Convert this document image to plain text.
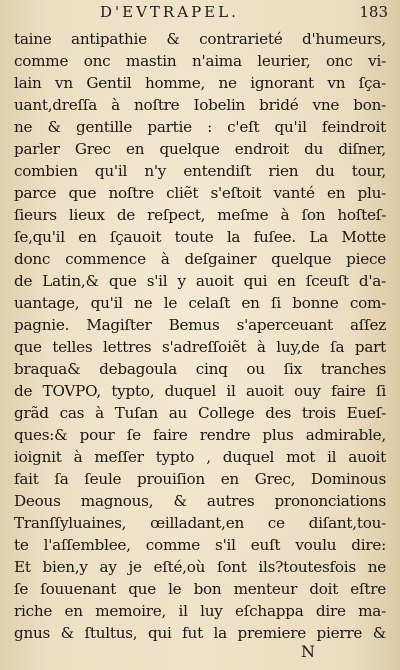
D'EVTRAPEL.	183
taine antipathie & contrarieté d'humeurs,
comme onc mastin n'aima leurier, onc vi-
lain vn Gentil homme, ne ignorant vn ſça-
uant,dreſſa à noſtre Iobelin bridé vne bon-
ne & gentille partie : c'eſt qu'il feindroit
parler Grec en quelque endroit du diſner,
combien qu'il n'y entendiſt rien du tour,
parce que noſtre cliẽt s'eſtoit vanté en plu-
ſieurs lieux de reſpect, meſme à ſon hoſteſ-
ſe,qu'il en ſçauoit toute la fuſee. La Motte
donc commence à deſgainer quelque piece
de Latin,& que s'il y auoit qui en ſceuſt d'a-
uantage, qu'il ne le celaſt en ſi bonne com-
pagnie. Magiſter Bemus s'aperceuant aſſez
que telles lettres s'adreſſoiẽt à luy,de ſa part
braqua& debagoula cinq ou ſix tranches
de TOVPO, typto, duquel il auoit ouy faire ſi
grãd cas à Tuſan au College des trois Eueſ-
ques:& pour ſe faire rendre plus admirable,
ioignit à meſſer typto , duquel mot il auoit
fait ſa ſeule prouiſion en Grec, Dominous
Deous magnous, & autres prononciations
Tranſſyluaines, œilladant,en ce diſant,tou-
te l'aſſemblee, comme s'il euſt voulu dire:
Et bien,y ay je eſté,où ſont ils?toutesfois ne
ſe ſouuenant que le bon menteur doit eſtre
riche en memoire, il luy eſchappa dire ma-
gnus & ſtultus, qui fut la premiere pierre &
N
